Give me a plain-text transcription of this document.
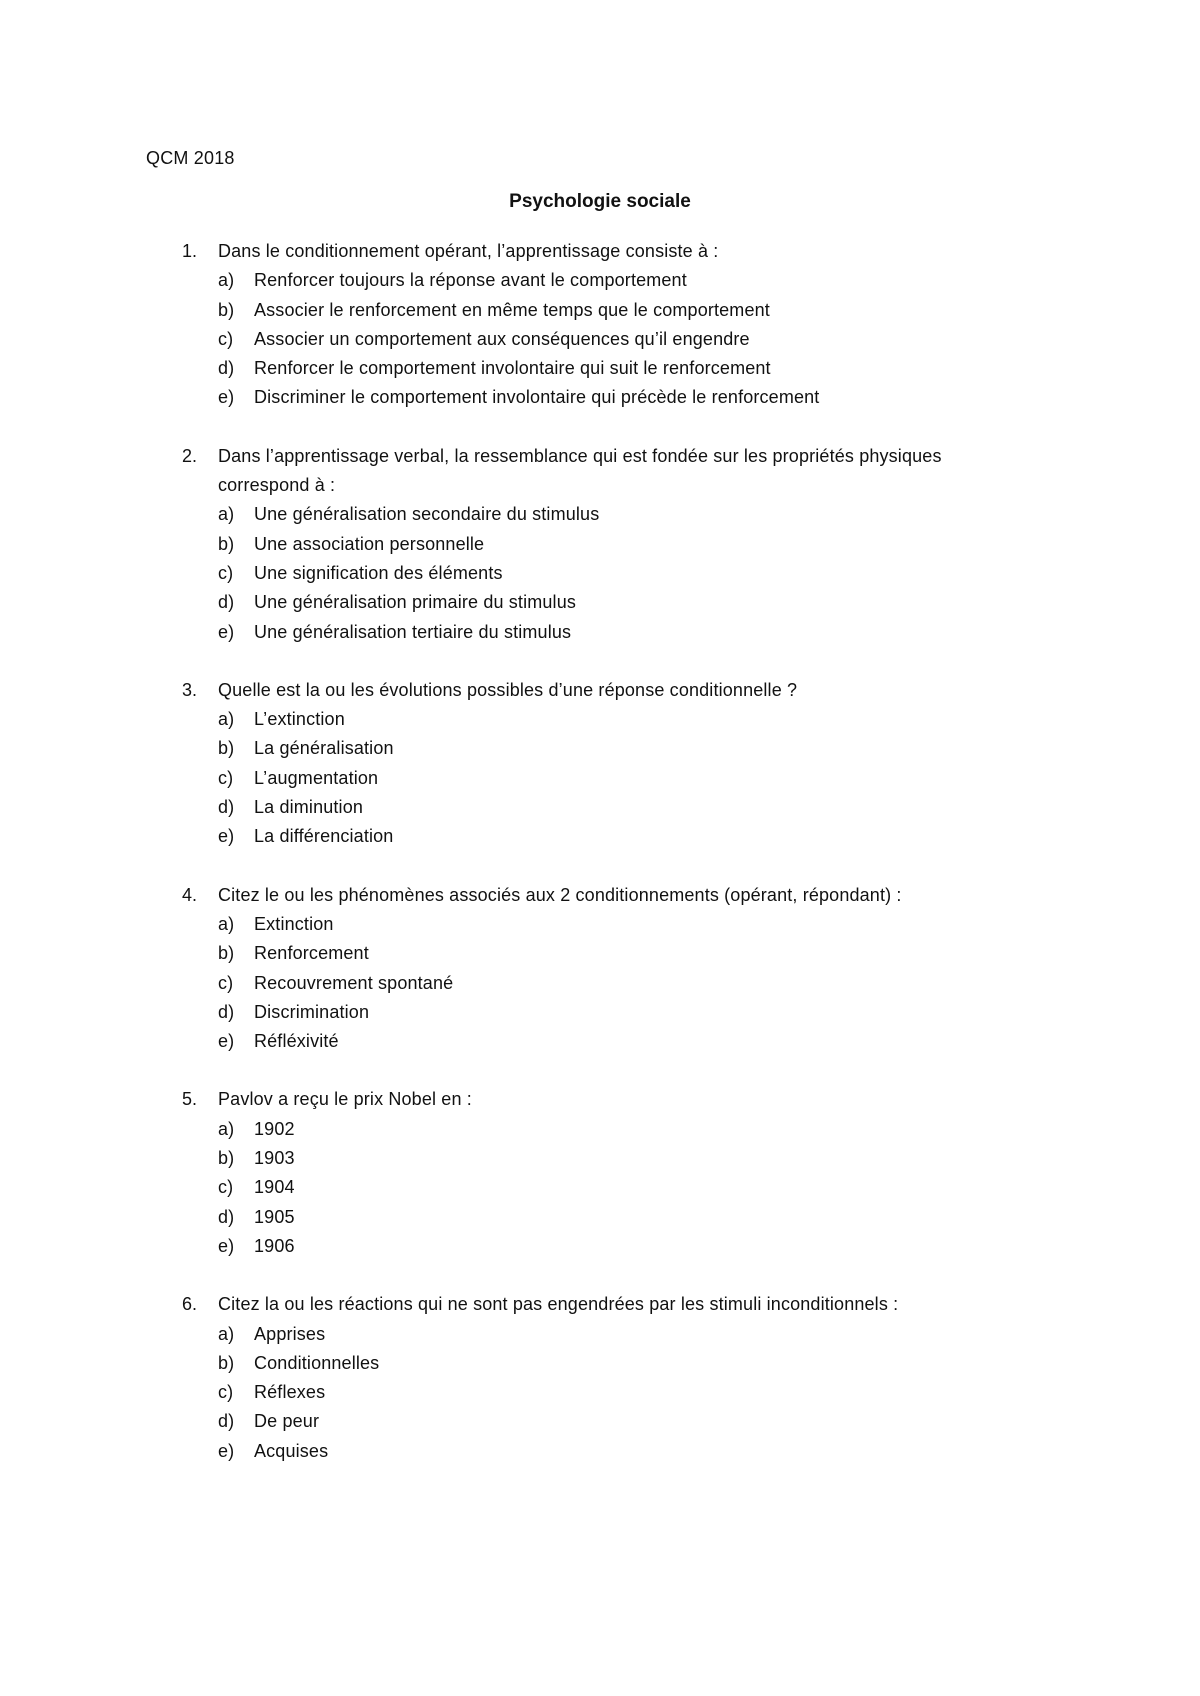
QCM 2018
Psychologie sociale
1. Dans le conditionnement opérant, l’apprentissage consiste à :
a) Renforcer toujours la réponse avant le comportement
b) Associer le renforcement en même temps que le comportement
c) Associer un comportement aux conséquences qu’il engendre
d) Renforcer le comportement involontaire qui suit le renforcement
e) Discriminer le comportement involontaire qui précède le renforcement
2. Dans l’apprentissage verbal, la ressemblance qui est fondée sur les propriétés physiques correspond à :
a) Une généralisation secondaire du stimulus
b) Une association personnelle
c) Une signification des éléments
d) Une généralisation primaire du stimulus
e) Une généralisation tertiaire du stimulus
3. Quelle est la ou les évolutions possibles d’une réponse conditionnelle ?
a) L’extinction
b) La généralisation
c) L’augmentation
d) La diminution
e) La différenciation
4. Citez le ou les phénomènes associés aux 2 conditionnements (opérant, répondant) :
a) Extinction
b) Renforcement
c) Recouvrement spontané
d) Discrimination
e) Réfléxivité
5. Pavlov a reçu le prix Nobel en :
a) 1902
b) 1903
c) 1904
d) 1905
e) 1906
6. Citez la ou les réactions qui ne sont pas engendrées par les stimuli inconditionnels :
a) Apprises
b) Conditionnelles
c) Réflexes
d) De peur
e) Acquises
